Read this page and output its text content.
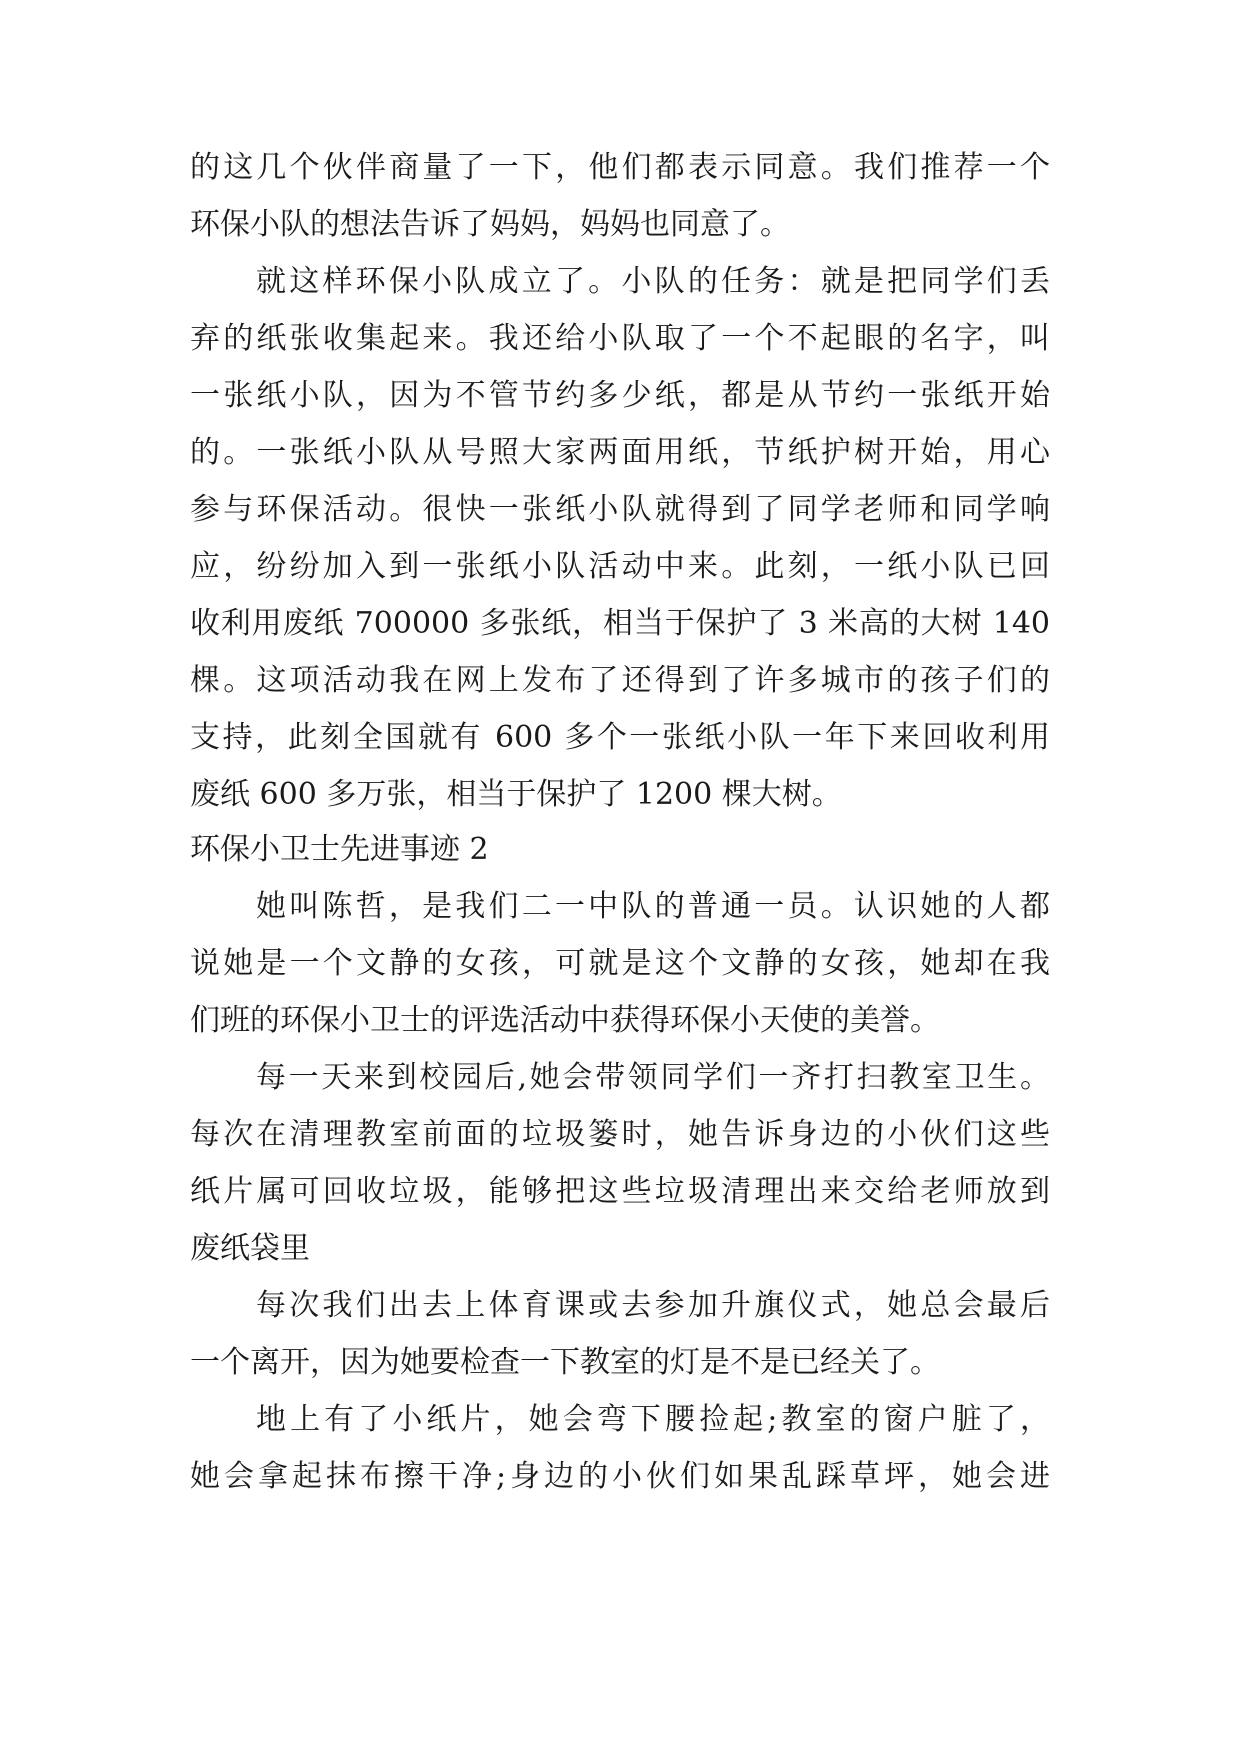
的这几个伙伴商量了一下，他们都表示同意。我们推荐一个
环保小队的想法告诉了妈妈，妈妈也同意了。
就这样环保小队成立了。小队的任务：就是把同学们丢
弃的纸张收集起来。我还给小队取了一个不起眼的名字，叫
一张纸小队，因为不管节约多少纸，都是从节约一张纸开始
的。一张纸小队从号照大家两面用纸，节纸护树开始，用心
参与环保活动。很快一张纸小队就得到了同学老师和同学响
应，纷纷加入到一张纸小队活动中来。此刻，一纸小队已回
收利用废纸 700000 多张纸，相当于保护了 3 米高的大树 140
棵。这项活动我在网上发布了还得到了许多城市的孩子们的
支持，此刻全国就有 600 多个一张纸小队一年下来回收利用
废纸 600 多万张，相当于保护了 1200 棵大树。
环保小卫士先进事迹 2
她叫陈哲，是我们二一中队的普通一员。认识她的人都
说她是一个文静的女孩，可就是这个文静的女孩，她却在我
们班的环保小卫士的评选活动中获得环保小天使的美誉。
每一天来到校园后,她会带领同学们一齐打扫教室卫生。
每次在清理教室前面的垃圾篓时，她告诉身边的小伙们这些
纸片属可回收垃圾，能够把这些垃圾清理出来交给老师放到
废纸袋里
每次我们出去上体育课或去参加升旗仪式，她总会最后
一个离开，因为她要检查一下教室的灯是不是已经关了。
地上有了小纸片，她会弯下腰捡起;教室的窗户脏了，
她会拿起抹布擦干净;身边的小伙们如果乱踩草坪，她会进
